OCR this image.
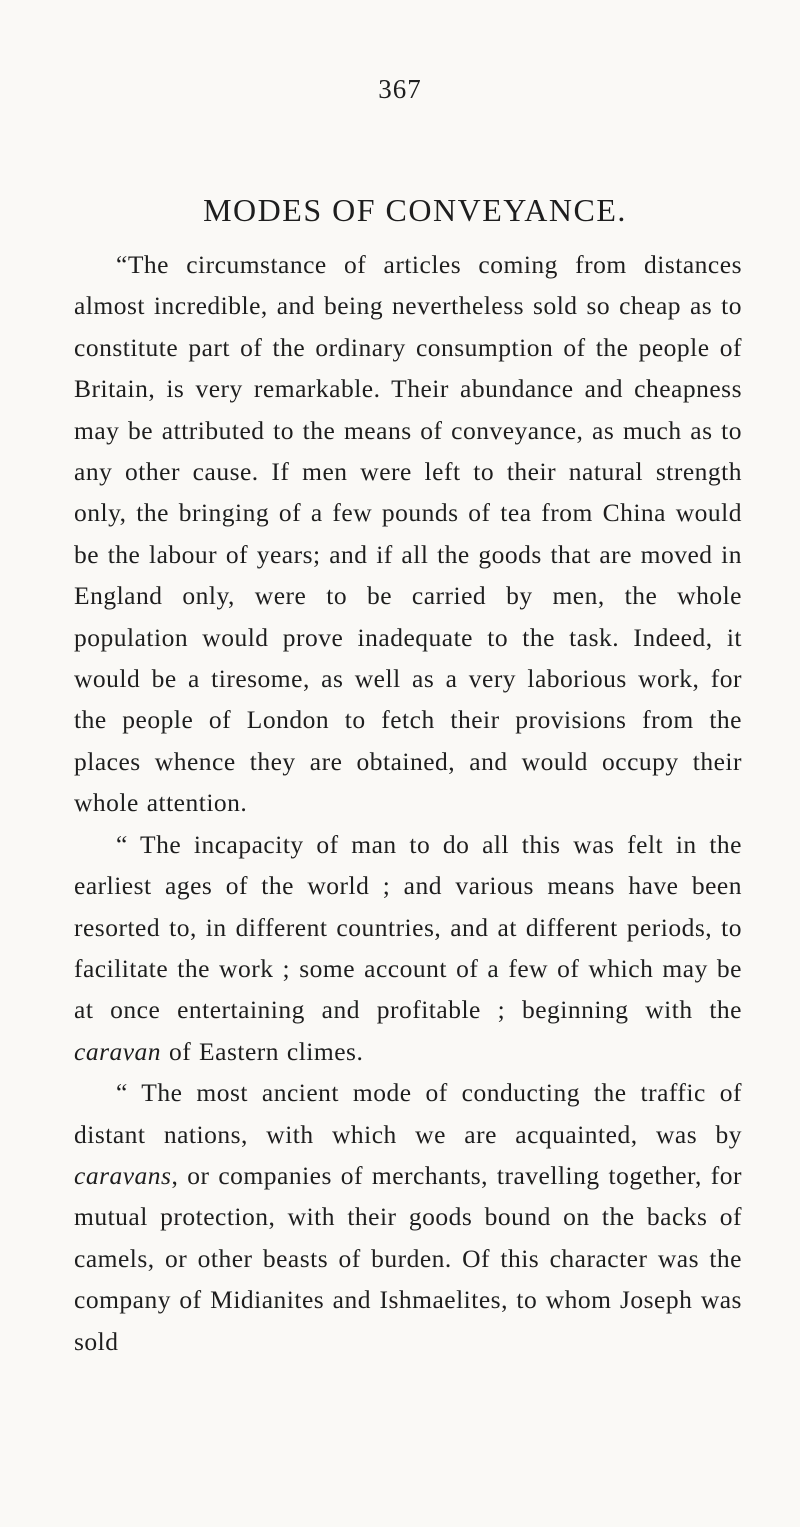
367
MODES OF CONVEYANCE.

“The circumstance of articles coming from distances almost incredible, and being nevertheless sold so cheap as to constitute part of the ordinary consumption of the people of Britain, is very remarkable. Their abundance and cheapness may be attributed to the means of conveyance, as much as to any other cause. If men were left to their natural strength only, the bringing of a few pounds of tea from China would be the labour of years; and if all the goods that are moved in England only, were to be carried by men, the whole population would prove inadequate to the task. Indeed, it would be a tiresome, as well as a very laborious work, for the people of London to fetch their provisions from the places whence they are obtained, and would occupy their whole attention.

“ The incapacity of man to do all this was felt in the earliest ages of the world ; and various means have been resorted to, in different countries, and at different periods, to facilitate the work ; some account of a few of which may be at once entertaining and profitable ; beginning with the caravan of Eastern climes.

“ The most ancient mode of conducting the traffic of distant nations, with which we are acquainted, was by caravans, or companies of merchants, travelling together, for mutual protection, with their goods bound on the backs of camels, or other beasts of burden. Of this character was the company of Midianites and Ishmaelites, to whom Joseph was sold
